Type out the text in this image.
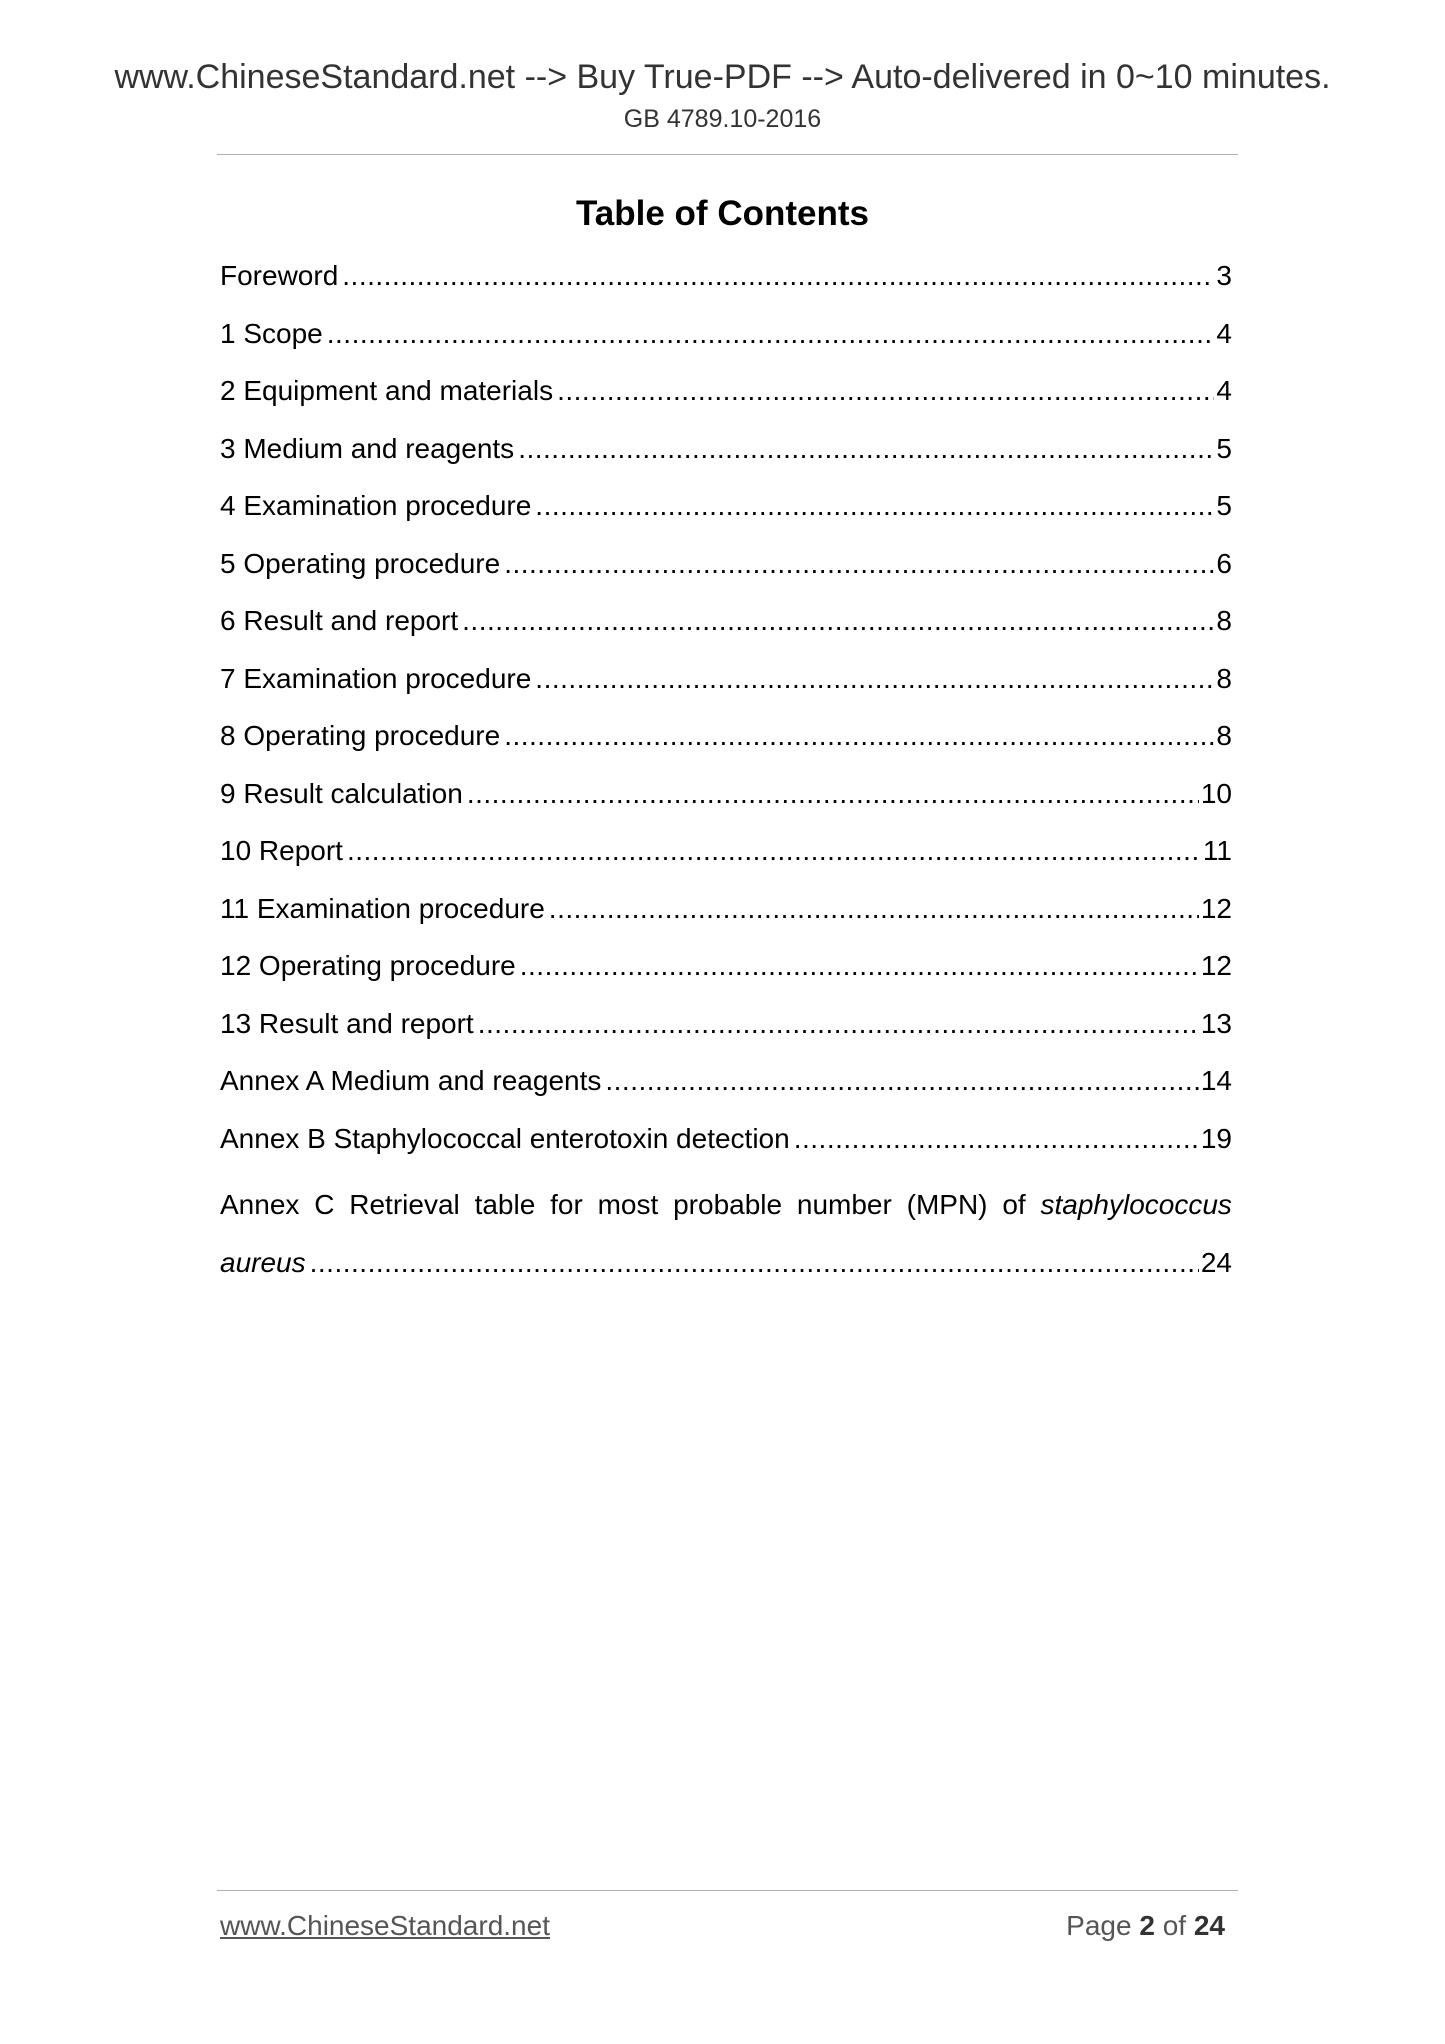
www.ChineseStandard.net --> Buy True-PDF --> Auto-delivered in 0~10 minutes.
GB 4789.10-2016
Table of Contents
Foreword .....	3
1 Scope .....	4
2 Equipment and materials .....	4
3 Medium and reagents .....	5
4 Examination procedure .....	5
5 Operating procedure .....	6
6 Result and report .....	8
7 Examination procedure .....	8
8 Operating procedure .....	8
9 Result calculation .....	10
10 Report .....	11
11 Examination procedure .....	12
12 Operating procedure .....	12
13 Result and report .....	13
Annex A Medium and reagents .....	14
Annex B Staphylococcal enterotoxin detection .....	19
Annex C Retrieval table for most probable number (MPN) of staphylococcus
aureus .....	24
www.ChineseStandard.net	Page 2 of 24
